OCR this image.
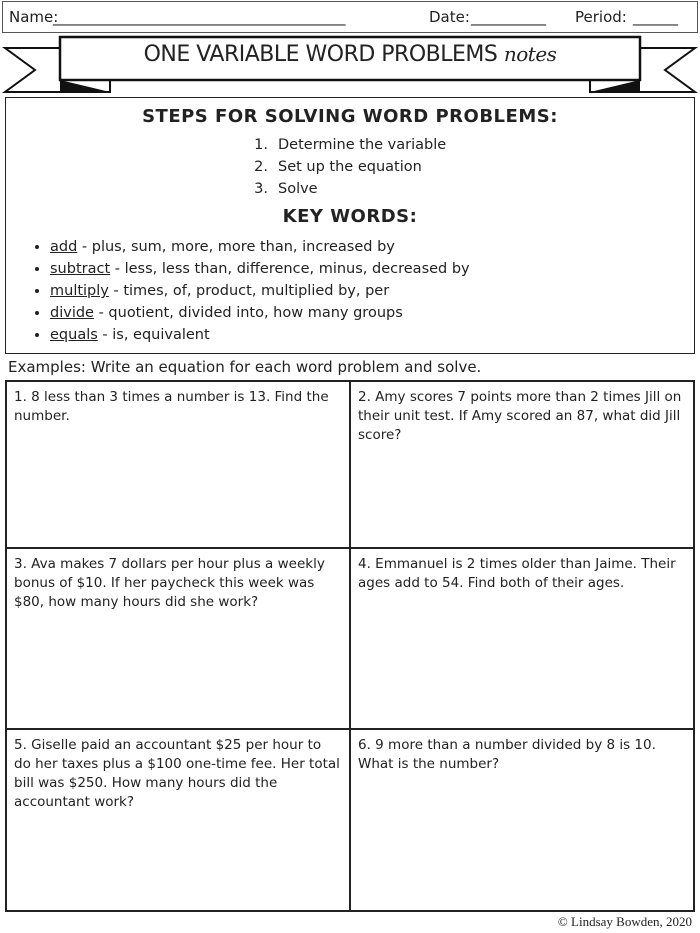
Name:
_______________________________________	Date: __________ Period: ______
ONE VARIABLE WORD PROBLEMS notes
STEPS FOR SOLVING WORD PROBLEMS:
1. Determine the variable
2. Set up the equation
3. Solve
KEY WORDS:
• add - plus, sum, more, more than, increased by
• subtract - less, less than, difference, minus, decreased by
• multiply - times, of, product, multiplied by, per
• divide - quotient, divided into, how many groups
• equals - is, equivalent
Examples: Write an equation for each word problem and solve.
1. 8 less than 3 times a number is 13. Find the number.
2. Amy scores 7 points more than 2 times Jill on their unit test. If Amy scored an 87, what did Jill score?
3. Ava makes 7 dollars per hour plus a weekly bonus of $10. If her paycheck this week was $80, how many hours did she work?
4. Emmanuel is 2 times older than Jaime. Their ages add to 54. Find both of their ages.
5. Giselle paid an accountant $25 per hour to do her taxes plus a $100 one-time fee. Her total bill was $250. How many hours did the accountant work?
6. 9 more than a number divided by 8 is 10. What is the number?
© Lindsay Bowden, 2020
